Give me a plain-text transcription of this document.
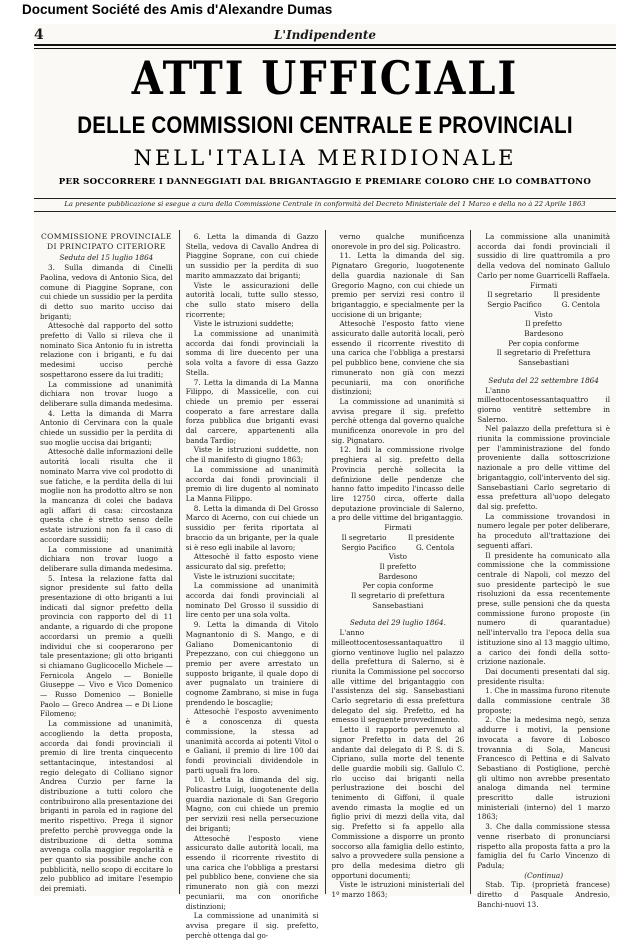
Document Société des Amis d'Alexandre Dumas
4	L'Indipendente
ATTI UFFICIALI
DELLE COMMISSIONI CENTRALE E PROVINCIALI
NELL'ITALIA MERIDIONALE
PER SOCCORRERE I DANNEGGIATI DAL BRIGANTAGGIO E PREMIARE COLORO CHE LO COMBATTONO
La presente pubblicazione si esegue a cura della Commissione Centrale in conformità del Decreto Ministeriale del 1 Marzo e della no à 22 Aprile 1863

COMMISSIONE PROVINCIALE

DI PRINCIPATO CITERIORE

Seduta del 15 luglio 1864

3. Sulla dimanda di Cinelli Paolina, vedova di Antonio Sica, del comune di Piaggine Soprane, con cui chiede un sussidio per la perdita di detto suo marito ucciso dai briganti;

Attesochè dal rapporto del sotto prefetto di Vallo si rileva che il nominato Sica Antonio fu in istretta relazione con i briganti, e fu dai medesimi ucciso perchè sospettarono essere da lui traditi;

La commissione ad unanimità dichiara non trovar luogo a deliberare sulla dimanda medesima.

4. Letta la dimanda di Marra Antonio di Cervinara con la quale chiede un sussidio per la perdita di suo moglie uccisa dai briganti;

Attesochè dalle informazioni delle autorità locali risulta che il nominato Marra vive col prodotto di sue fatiche, e la perdita della di lui moglie non ha prodotto altro se non la mancanza di colei che badava agli affari di casa: circostanza questa che è stretto senso delle estate istruzioni non fa il caso di accordare sussidii;

La commissione ad unanimità dichiara non trovar luogo a deliberare sulla dimanda medesima.

5. Intesa la relazione fatta dal signor presidente sul fatto della presentazione di otto briganti a lui indicati dal signor prefetto della provincia con rapporto del di 11 andante, a riguardo di che propone accordarsi un premio a quelli individui che si cooperarono per tale presentazione; gli otto briganti si chiamano Guglicocello Michele — Fernicola Angelo — Bonielle Giuseppe — Vivo e Vico Domenico — Russo Domenico — Bonielle Paolo — Greco Andrea — e Di Lione Filomeno;

La commissione ad unanimità, accogliendo la detta proposta, accorda dai fondi provinciali il premio di lire trenta cinquecento settantacinque, intestandosi al regio delegato di Colliano signor Andrea Curzio per farne la distribuzione a tutti coloro che contribuirono alla presentazione dei briganti in parola ed in ragione del merito rispettivo. Prega il signor prefetto perchè provvegga onde la distribuzione di detta somma avvenga colla maggior regolarità e per quanto sia possibile anche con pubblicità, nello scopo di eccitare lo zelo pubblico ad imitare l'esempio dei premiati.

6. Letta la dimanda di Gazzo Stella, vedova di Cavallo Andrea di Piaggine Soprane, con cui chiede un sussidio per la perdita di suo marito ammazzato dai briganti;

Viste le assicurazioni delle autorità locali, tutte sullo stesso, che sullo stato misero della ricorrente;

Viste le istruzioni suddette;

La commissione ad unanimità accorda dai fondi provinciali la somma di lire duecento per una sola volta a favore di essa Gazzo Stella.

7. Letta la dimanda di La Manna Filippo, di Massicelle, con cui chiede un premio per esserai cooperato a fare arrestare dalla forza pubblica due briganti evasi dal carcere, appartenenti alla banda Tardio;

Viste le istruzioni suddette, non che il manifesto di giugno 1863;

La commissione ad unanimità accorda dai fondi provinciali il premio di lire dugento al nominato La Manna Filippo.

8. Letta la dimanda di Del Grosso Marco di Acerno, con cui chiede un sussidio per ferita riportata al braccio da un brigante, per la quale si è reso egli inabile al lavoro;

Attesochè il fatto esposto viene assicurato dal sig. prefetto;

Viste le istruzioni succitate;

La commissione ad unanimità accorda dai fondi provinciali al nominato Del Grosso il sussidio di lire cento per una sola volta.

9. Letta la dimanda di Vitolo Magnantonio di S. Mango, e di Galiano Domenicantonio di Prepezzano, con cui chieggono un premio per avere arrestato un supposto brigante, il quale dopo di aver pugnalato un trainiere di cognome Zambrano, si mise in fuga prendendo le boscaglie;

Attesochè l'esposto avvenimento è a conoscenza di questa commissione, la stessa ad unanimità accorda ai potenti Vitol o e Galiani, il premio di lire 100 dai fondi provinciali dividendole in parti uguali fra loro.

10. Letta la dimanda del sig. Policastro Luigi, luogotenente della guardia nazionale di San Gregorio Magno, con cui chiede un premio per servizii resi nella persecuzione dei briganti;

Attesochè l'esposto viene assicurato dalle autorità locali, ma essendo il ricorrente rivestito di una carica che l'obbliga a prestarsi pel pubblico bene, conviene che sia rimunerato non già con mezzi pecuniarii, ma con onorifiche distinzioni;

La commissione ad unanimità si avvisa pregare il sig. prefetto, perchè ottenga dal go-

verno qualche munificenza onorevole in pro del sig. Policastro.

11. Letta la dimanda del sig. Pignataro Gregorio, luogotenente della guardia nazionale di San Gregorio Magno, con cui chiede un premio per servizi resi contro il brigantaggio, e specialmente per la uccisione di un brigante;

Attesochè l'esposto fatto viene assicurato dalle autorità locali, però essendo il ricorrente rivestito di una carica che l'obbliga a prestarsi pel pubblico bene, conviene che sia rimunerato non già con mezzi pecuniarii, ma con onorifiche distinzioni;

La commissione ad unanimità si avvisa pregare il sig. prefetto perchè ottenga dal governo qualche munificenza onorevole in pro del sig. Pignataro.

12. Indi la commissione rivolge preghiera al sig. prefetto della Provincia perchè sollecita la definizione delle pendenze che hanno fatto impedito l'incasso delle lire 12750 circa, offerte dalla deputazione provinciale di Salerno, a pro delle vittime del brigantaggio.

Firmati

Il segretario	Il presidente
Sergio Pacifico	G. Centola

Visto

Il prefetto

Bardesono

Per copia conforme

Il segretario di prefettura

Sansebastiani

Seduta del 29 luglio 1864.

L'anno milleottocentosessantaquattro il giorno ventinove luglio nel palazzo della prefettura di Salerno, si è riunita la Commissione pel soccorso alle vittime del brigantaggio con l'assistenza del sig. Sansebastiani Carlo segretario di essa prefettura delegato del sig. Prefetto, ed ha emesso il seguente provvedimento.

Letto il rapporto pervenuto al signor Prefetto in data del 26 andante dal delegato di P. S. di S. Cipriano, sulla morte del tenente delle guardie mobili sig. Gallulo C. rlo ucciso dai briganti nella perlustrazione dei boschi del tenimento di Giffoni, il quale avendo rimasta la moglie ed un figlio privi di mezzi della vita, dal sig. Prefetto si fa appello alla Commissione a disporre un pronto soccorso alla famiglia dello estinto, salvo a provvedere sulla pensione a pro della medesima dietro gli opportuni documenti;

Viste le istruzioni ministeriali del 1º marzo 1863;

La commissione alla unanimità accorda dai fondi provinciali il sussidio di lire quattromila a pro della vedova del nominato Gallulo Carlo per nome Guarricelli Raffaela.

Firmati

Il segretario	Il presidente
Sergio Pacifico	G. Centola

Visto

Il prefetto

Bardesono

Per copia conforme

Il segretario di Prefettura

Sansebastiani

Seduta del 22 settembre 1864

L'anno milleottocentosessantaquattro il giorno ventitrè settembre in Salerno.

Nel palazzo della prefettura si è riunita la commissione provinciale per l'amministrazione del fondo proveniente dalla sottoscrizione nazionale a pro delle vittime del brigantaggio, coll'intervento del sig. Sansebastiani Carlo segretario di essa prefettura all'uopo delegato dal sig. prefetto.

La commissione trovandosi in numero legale per poter deliberare, ha proceduto all'trattazione dei seguenti affari.

Il presidente ha comunicato alla commissione che la commissione centrale di Napoli, col mezzo del suo presidente partecipò le sue risoluzioni da essa recentemente prese, sulle pensioni che da questa commissione furono proposte (in numero di quarantadue) nell'intervallo tra l'epoca della sua istituzione sino al 13 maggio ultimo, a carico dei fondi della sotto-crizione nazionale.

Dai documenti presentati dal sig. presidente risulta:

1. Che in massima furono ritenute dalla commissione centrale 38 proposte;

2. Che la medesima negò, senza addurre i motivi, la pensione invocata a favore di Lobosco trovannia di Sola, Mancusi Francesco di Pettina e di Salvato Sebastiano di Postiglione, perchè gli ultimo non avrebbe presentato analoga dimanda nel termine prescritto dalle istruzioni ministeriali (interno) del 1 marzo 1863;

3. Che dalla commissione stessa venne riserbato di pronunciarsi rispetto alla proposta fatta a pro la famiglia del fu Carlo Vincenzo di Padula;

(Continua)

Stab. Tip. (proprietà francese) diretto d Pasquale Andresio, Banchi-nuovi 13.
